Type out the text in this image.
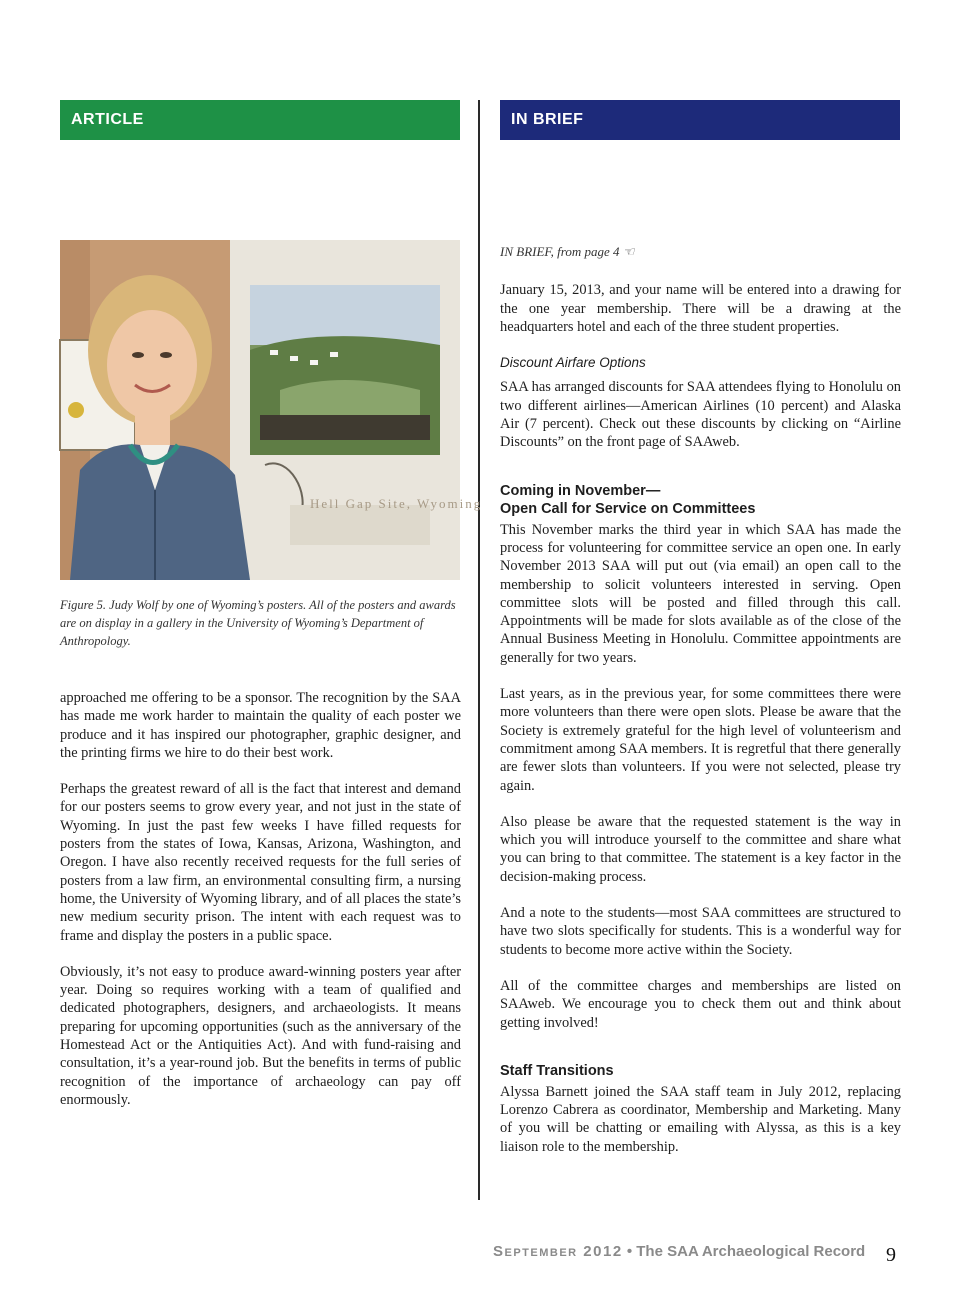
ARTICLE	IN BRIEF
Hell Gap Site, Wyoming
Figure 5. Judy Wolf by one of Wyoming’s posters. All of the posters and awards are on display in a gallery in the University of Wyoming’s Department of Anthropology.

approached me offering to be a sponsor. The recognition by the SAA has made me work harder to maintain the quality of each poster we produce and it has inspired our photographer, graphic designer, and the printing firms we hire to do their best work.

Perhaps the greatest reward of all is the fact that interest and demand for our posters seems to grow every year, and not just in the state of Wyoming. In just the past few weeks I have filled requests for posters from the states of Iowa, Kansas, Arizona, Washington, and Oregon. I have also recently received requests for the full series of posters from a law firm, an environmental consulting firm, a nursing home, the University of Wyoming library, and of all places the state’s new medium security prison. The intent with each request was to frame and display the posters in a public space.

Obviously, it’s not easy to produce award-winning posters year after year. Doing so requires working with a team of qualified and dedicated photographers, designers, and archaeologists. It means preparing for upcoming opportunities (such as the anniversary of the Homestead Act or the Antiquities Act). And with fund-raising and consultation, it’s a year-round job. But the benefits in terms of public recognition of the importance of archaeology can pay off enormously.

IN BRIEF, from page 4 ☜

January 15, 2013, and your name will be entered into a drawing for the one year membership. There will be a drawing at the headquarters hotel and each of the three student properties.

Discount Airfare Options

SAA has arranged discounts for SAA attendees flying to Honolulu on two different airlines—American Airlines (10 percent) and Alaska Air (7 percent). Check out these discounts by clicking on “Airline Discounts” on the front page of SAAweb.

Coming in November—
Open Call for Service on Committees

This November marks the third year in which SAA has made the process for volunteering for committee service an open one. In early November 2013 SAA will put out (via email) an open call to the membership to solicit volunteers interested in serving. Open committee slots will be posted and filled through this call. Appointments will be made for slots available as of the close of the Annual Business Meeting in Honolulu. Committee appointments are generally for two years.

Last years, as in the previous year, for some committees there were more volunteers than there were open slots. Please be aware that the Society is extremely grateful for the high level of volunteerism and commitment among SAA members. It is regretful that there generally are fewer slots than volunteers. If you were not selected, please try again.

Also please be aware that the requested statement is the way in which you will introduce yourself to the committee and share what you can bring to that committee. The statement is a key factor in the decision-making process.

And a note to the students—most SAA committees are structured to have two slots specifically for students. This is a wonderful way for students to become more active within the Society.

All of the committee charges and memberships are listed on SAAweb. We encourage you to check them out and think about getting involved!

Staff Transitions

Alyssa Barnett joined the SAA staff team in July 2012, replacing Lorenzo Cabrera as coordinator, Membership and Marketing. Many of you will be chatting or emailing with Alyssa, as this is a key liaison role to the membership.

September 2012 • The SAA Archaeological Record 9
